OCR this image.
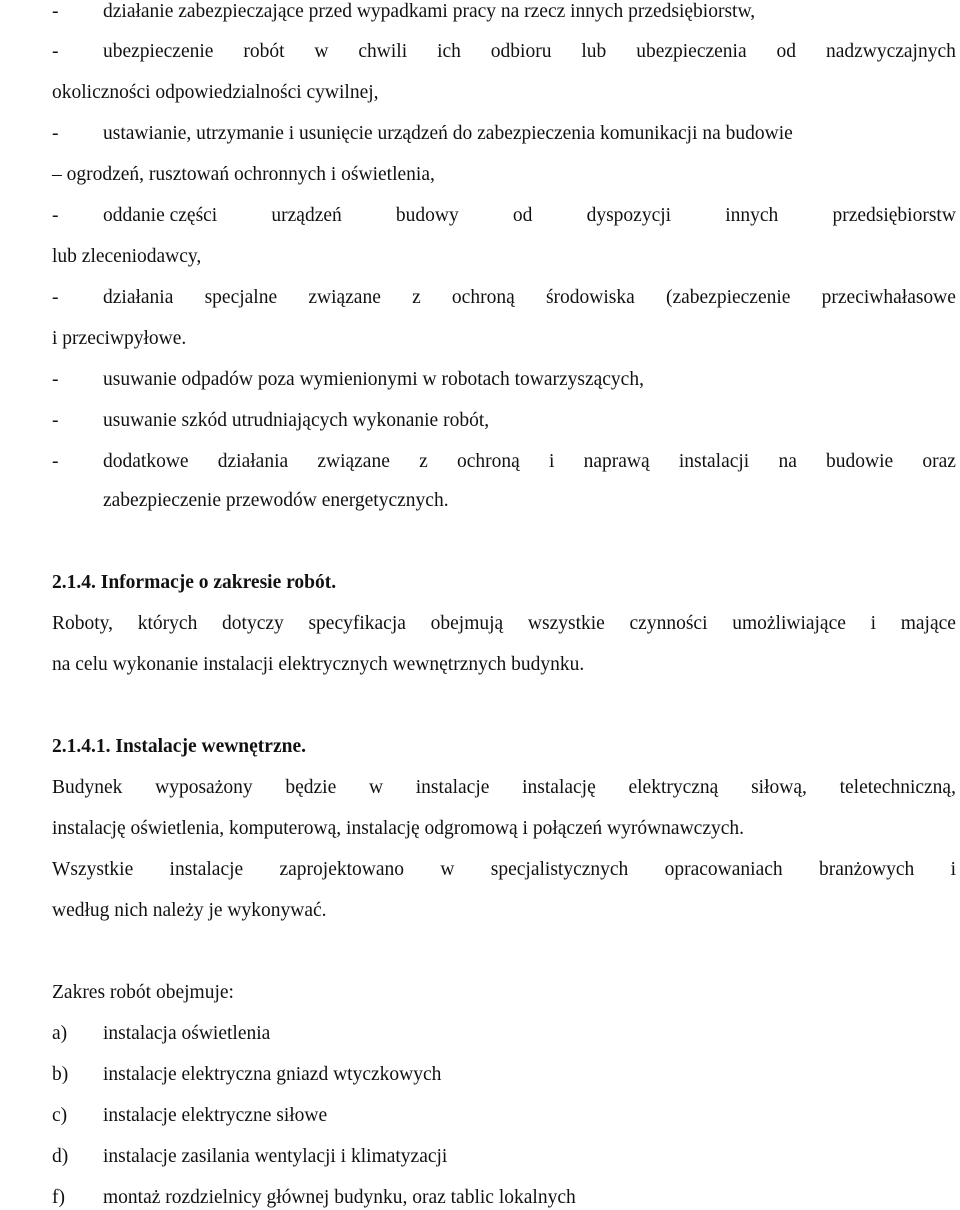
- działanie zabezpieczające przed wypadkami pracy na rzecz innych przedsiębiorstw,
- ubezpieczenie robót w chwili ich odbioru lub ubezpieczenia od nadzwyczajnych
okoliczności odpowiedzialności cywilnej,
- ustawianie, utrzymanie i usunięcie urządzeń do zabezpieczenia komunikacji na budowie
– ogrodzeń, rusztowań ochronnych i oświetlenia,
- oddanie części	urządzeń	budowy	od	dyspozycji	innych	przedsiębiorstw
lub zleceniodawcy,
- działania specjalne związane z ochroną środowiska (zabezpieczenie przeciwhałasowe
i przeciwpyłowe.
- usuwanie odpadów poza wymienionymi w robotach towarzyszących,
- usuwanie szkód utrudniających wykonanie robót,
- dodatkowe działania związane z ochroną i naprawą instalacji na budowie oraz
zabezpieczenie przewodów energetycznych.
2.1.4. Informacje o zakresie robót.
Roboty, których dotyczy specyfikacja obejmują wszystkie czynności umożliwiające i mające
na celu wykonanie instalacji elektrycznych wewnętrznych budynku.
2.1.4.1. Instalacje wewnętrzne.
Budynek wyposażony będzie w instalacje instalację elektryczną siłową, teletechniczną,
instalację oświetlenia, komputerową, instalację odgromową i połączeń wyrównawczych.
Wszystkie instalacje zaprojektowano w specjalistycznych opracowaniach branżowych i
według nich należy je wykonywać.
Zakres robót obejmuje:
a) instalacja oświetlenia
b) instalacje elektryczna gniazd wtyczkowych
c) instalacje elektryczne siłowe
d) instalacje zasilania wentylacji i klimatyzacji
f) montaż rozdzielnicy głównej budynku, oraz tablic lokalnych
